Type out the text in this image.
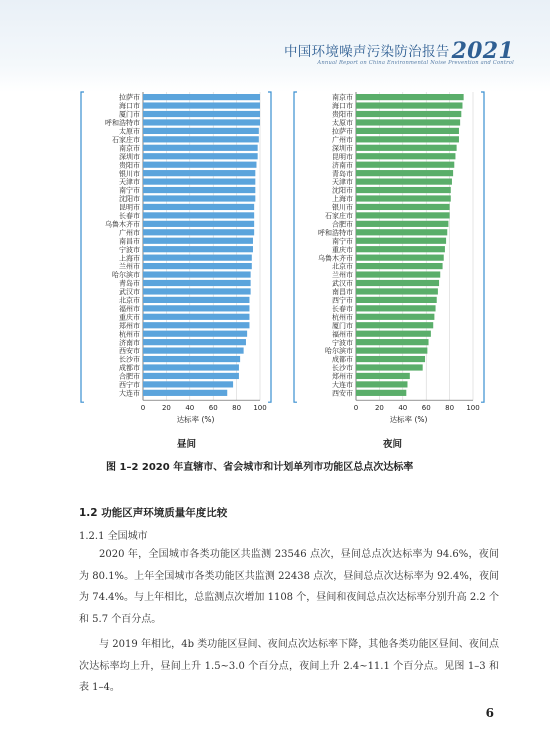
中国环境噪声污染防治报告2021
Annual Report on China Environmental Noise Prevention and Control
拉萨市
海口市
厦门市
呼和浩特市
太原市
石家庄市
南京市
深圳市
贵阳市
银川市
天津市
南宁市
沈阳市
昆明市
长春市
乌鲁木齐市
广州市
南昌市
宁波市
上海市
兰州市
哈尔滨市
青岛市
武汉市
北京市
福州市
重庆市
郑州市
杭州市
济南市
西安市
长沙市
成都市
合肥市
西宁市
大连市
0 20 40 60 80 100
达标率 (%)
南京市
海口市
贵阳市
太原市
拉萨市
广州市
深圳市
昆明市
济南市
青岛市
天津市
沈阳市
上海市
银川市
石家庄市
合肥市
呼和浩特市
南宁市
重庆市
乌鲁木齐市
北京市
兰州市
武汉市
南昌市
西宁市
长春市
杭州市
厦门市
福州市
宁波市
哈尔滨市
成都市
长沙市
郑州市
大连市
西安市
0 20 40 60 80 100
达标率 (%)
昼间	夜间
图 1–2 2020 年直辖市、省会城市和计划单列市功能区总点次达标率
1.2 功能区声环境质量年度比较
1.2.1 全国城市
2020 年，全国城市各类功能区共监测 23546 点次，昼间总点次达标率为 94.6%，夜间为 80.1%。上年全国城市各类功能区共监测 22438 点次，昼间总点次达标率为 92.4%，夜间为 74.4%。与上年相比，总监测点次增加 1108 个，昼间和夜间总点次达标率分别升高 2.2 个和 5.7 个百分点。
与 2019 年相比，4b 类功能区昼间、夜间点次达标率下降，其他各类功能区昼间、夜间点次达标率均上升，昼间上升 1.5~3.0 个百分点，夜间上升 2.4~11.1 个百分点。见图 1–3 和表 1–4。
6
